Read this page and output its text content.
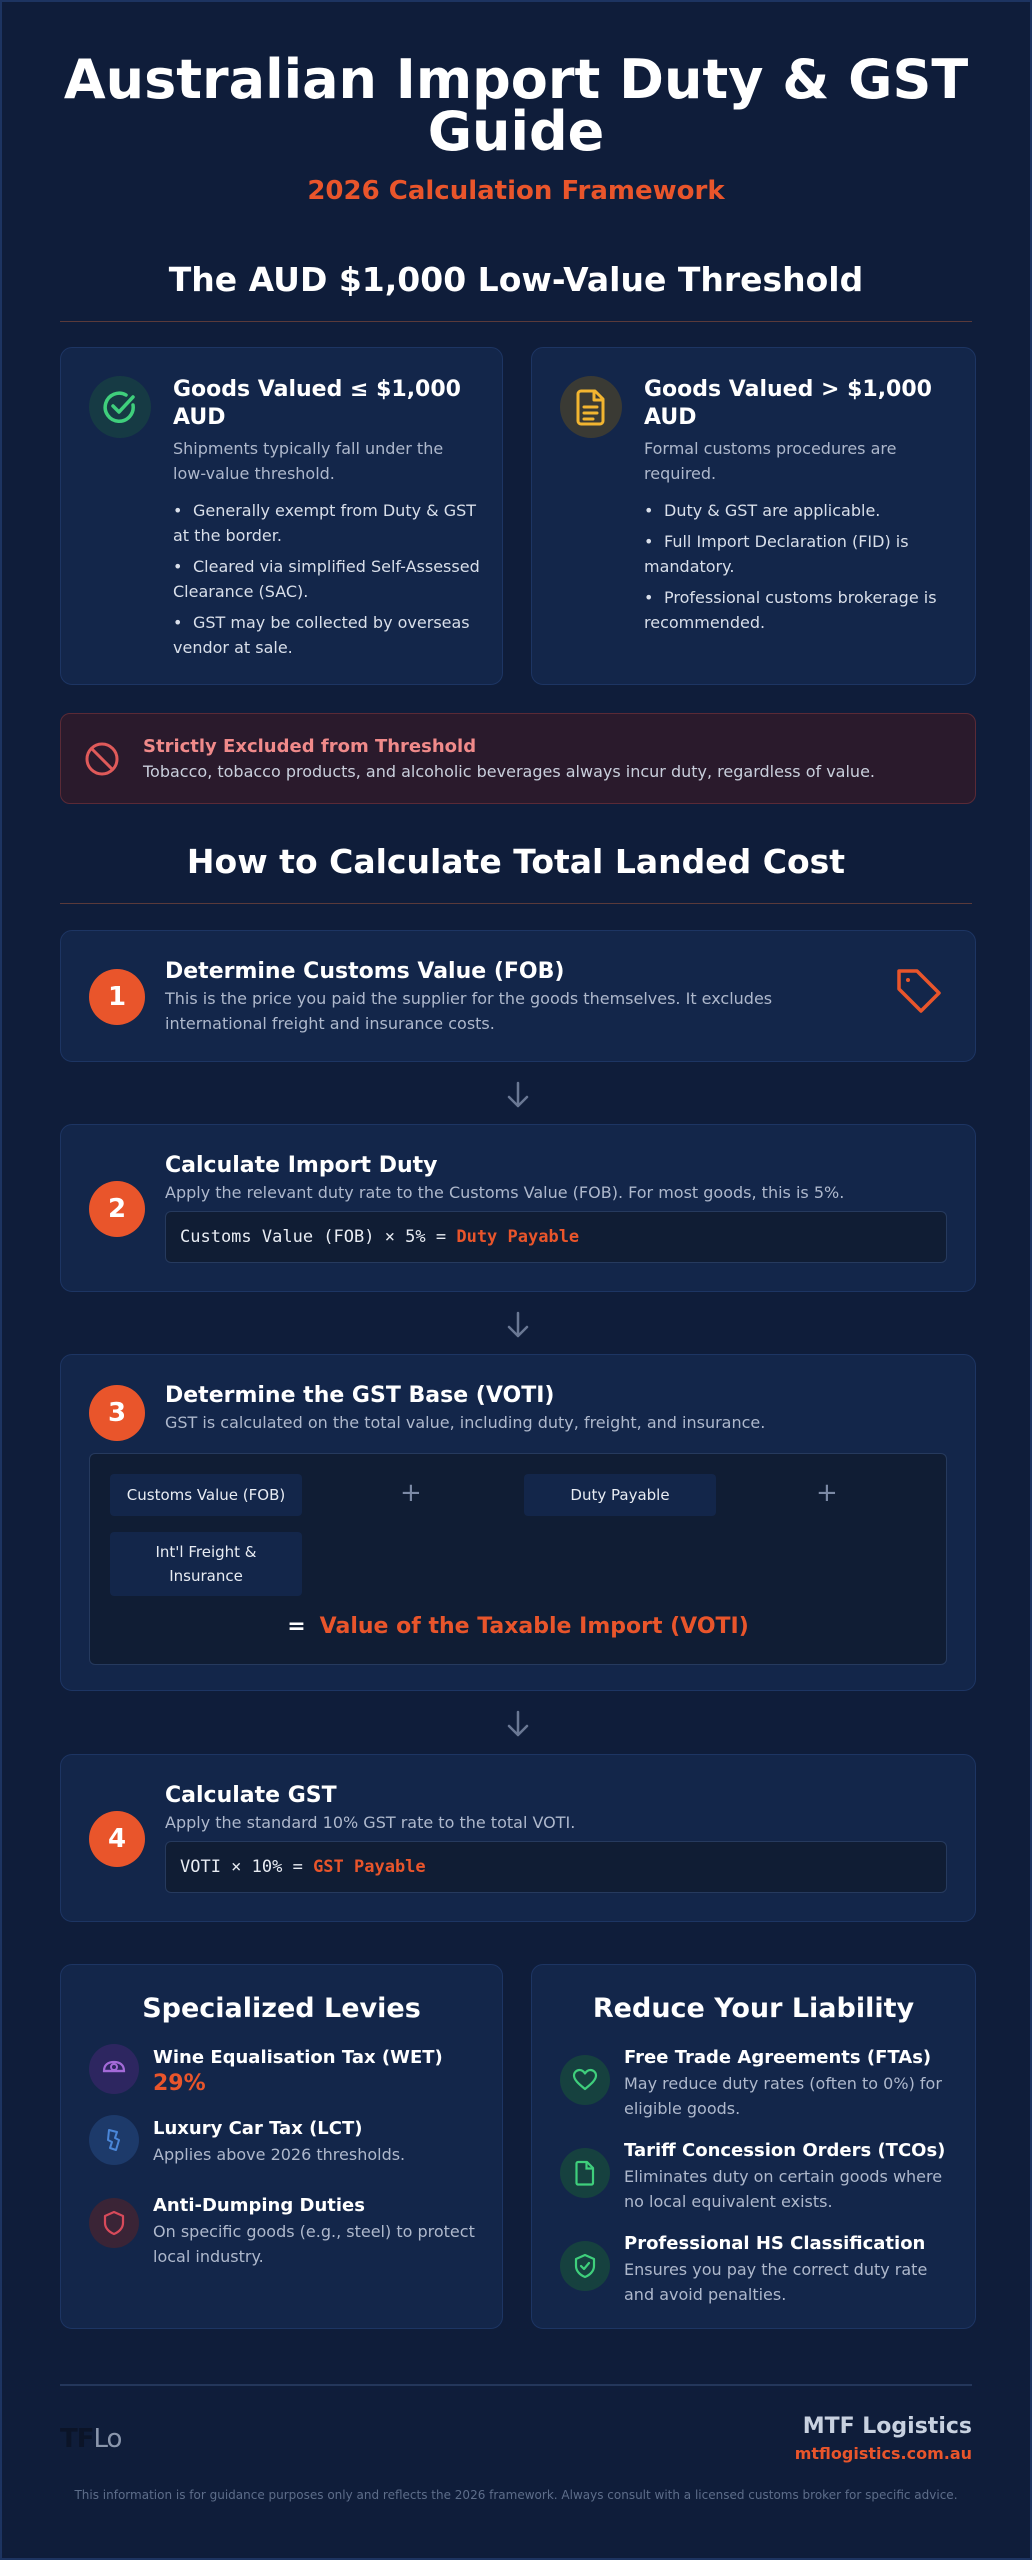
Australian Import Duty & GST Guide
2026 Calculation Framework
The AUD $1,000 Low-Value Threshold
Goods Valued ≤ $1,000 AUD
Shipments typically fall under the low-value threshold.
• Generally exempt from Duty & GST at the border.
• Cleared via simplified Self-Assessed Clearance (SAC).
• GST may be collected by overseas vendor at sale.
Goods Valued > $1,000 AUD
Formal customs procedures are required.
• Duty & GST are applicable.
• Full Import Declaration (FID) is mandatory.
• Professional customs brokerage is recommended.
Strictly Excluded from Threshold
Tobacco, tobacco products, and alcoholic beverages always incur duty, regardless of value.
How to Calculate Total Landed Cost
1
Determine Customs Value (FOB)
This is the price you paid the supplier for the goods themselves. It excludes international freight and insurance costs.
2
Calculate Import Duty
Apply the relevant duty rate to the Customs Value (FOB). For most goods, this is 5%.
Customs Value (FOB) × 5% = Duty Payable
3
Determine the GST Base (VOTI)
GST is calculated on the total value, including duty, freight, and insurance.
Customs Value (FOB)	+	Duty Payable	+
Int'l Freight & Insurance
= Value of the Taxable Import (VOTI)
4
Calculate GST
Apply the standard 10% GST rate to the total VOTI.
VOTI × 10% = GST Payable
Specialized Levies
Wine Equalisation Tax (WET)
29%
Luxury Car Tax (LCT)
Applies above 2026 thresholds.
Anti-Dumping Duties
On specific goods (e.g., steel) to protect local industry.
Reduce Your Liability
Free Trade Agreements (FTAs)
May reduce duty rates (often to 0%) for eligible goods.
Tariff Concession Orders (TCOs)
Eliminates duty on certain goods where no local equivalent exists.
Professional HS Classification
Ensures you pay the correct duty rate and avoid penalties.
TFLo	MTF Logistics
mtflogistics.com.au
This information is for guidance purposes only and reflects the 2026 framework. Always consult with a licensed customs broker for specific advice.
